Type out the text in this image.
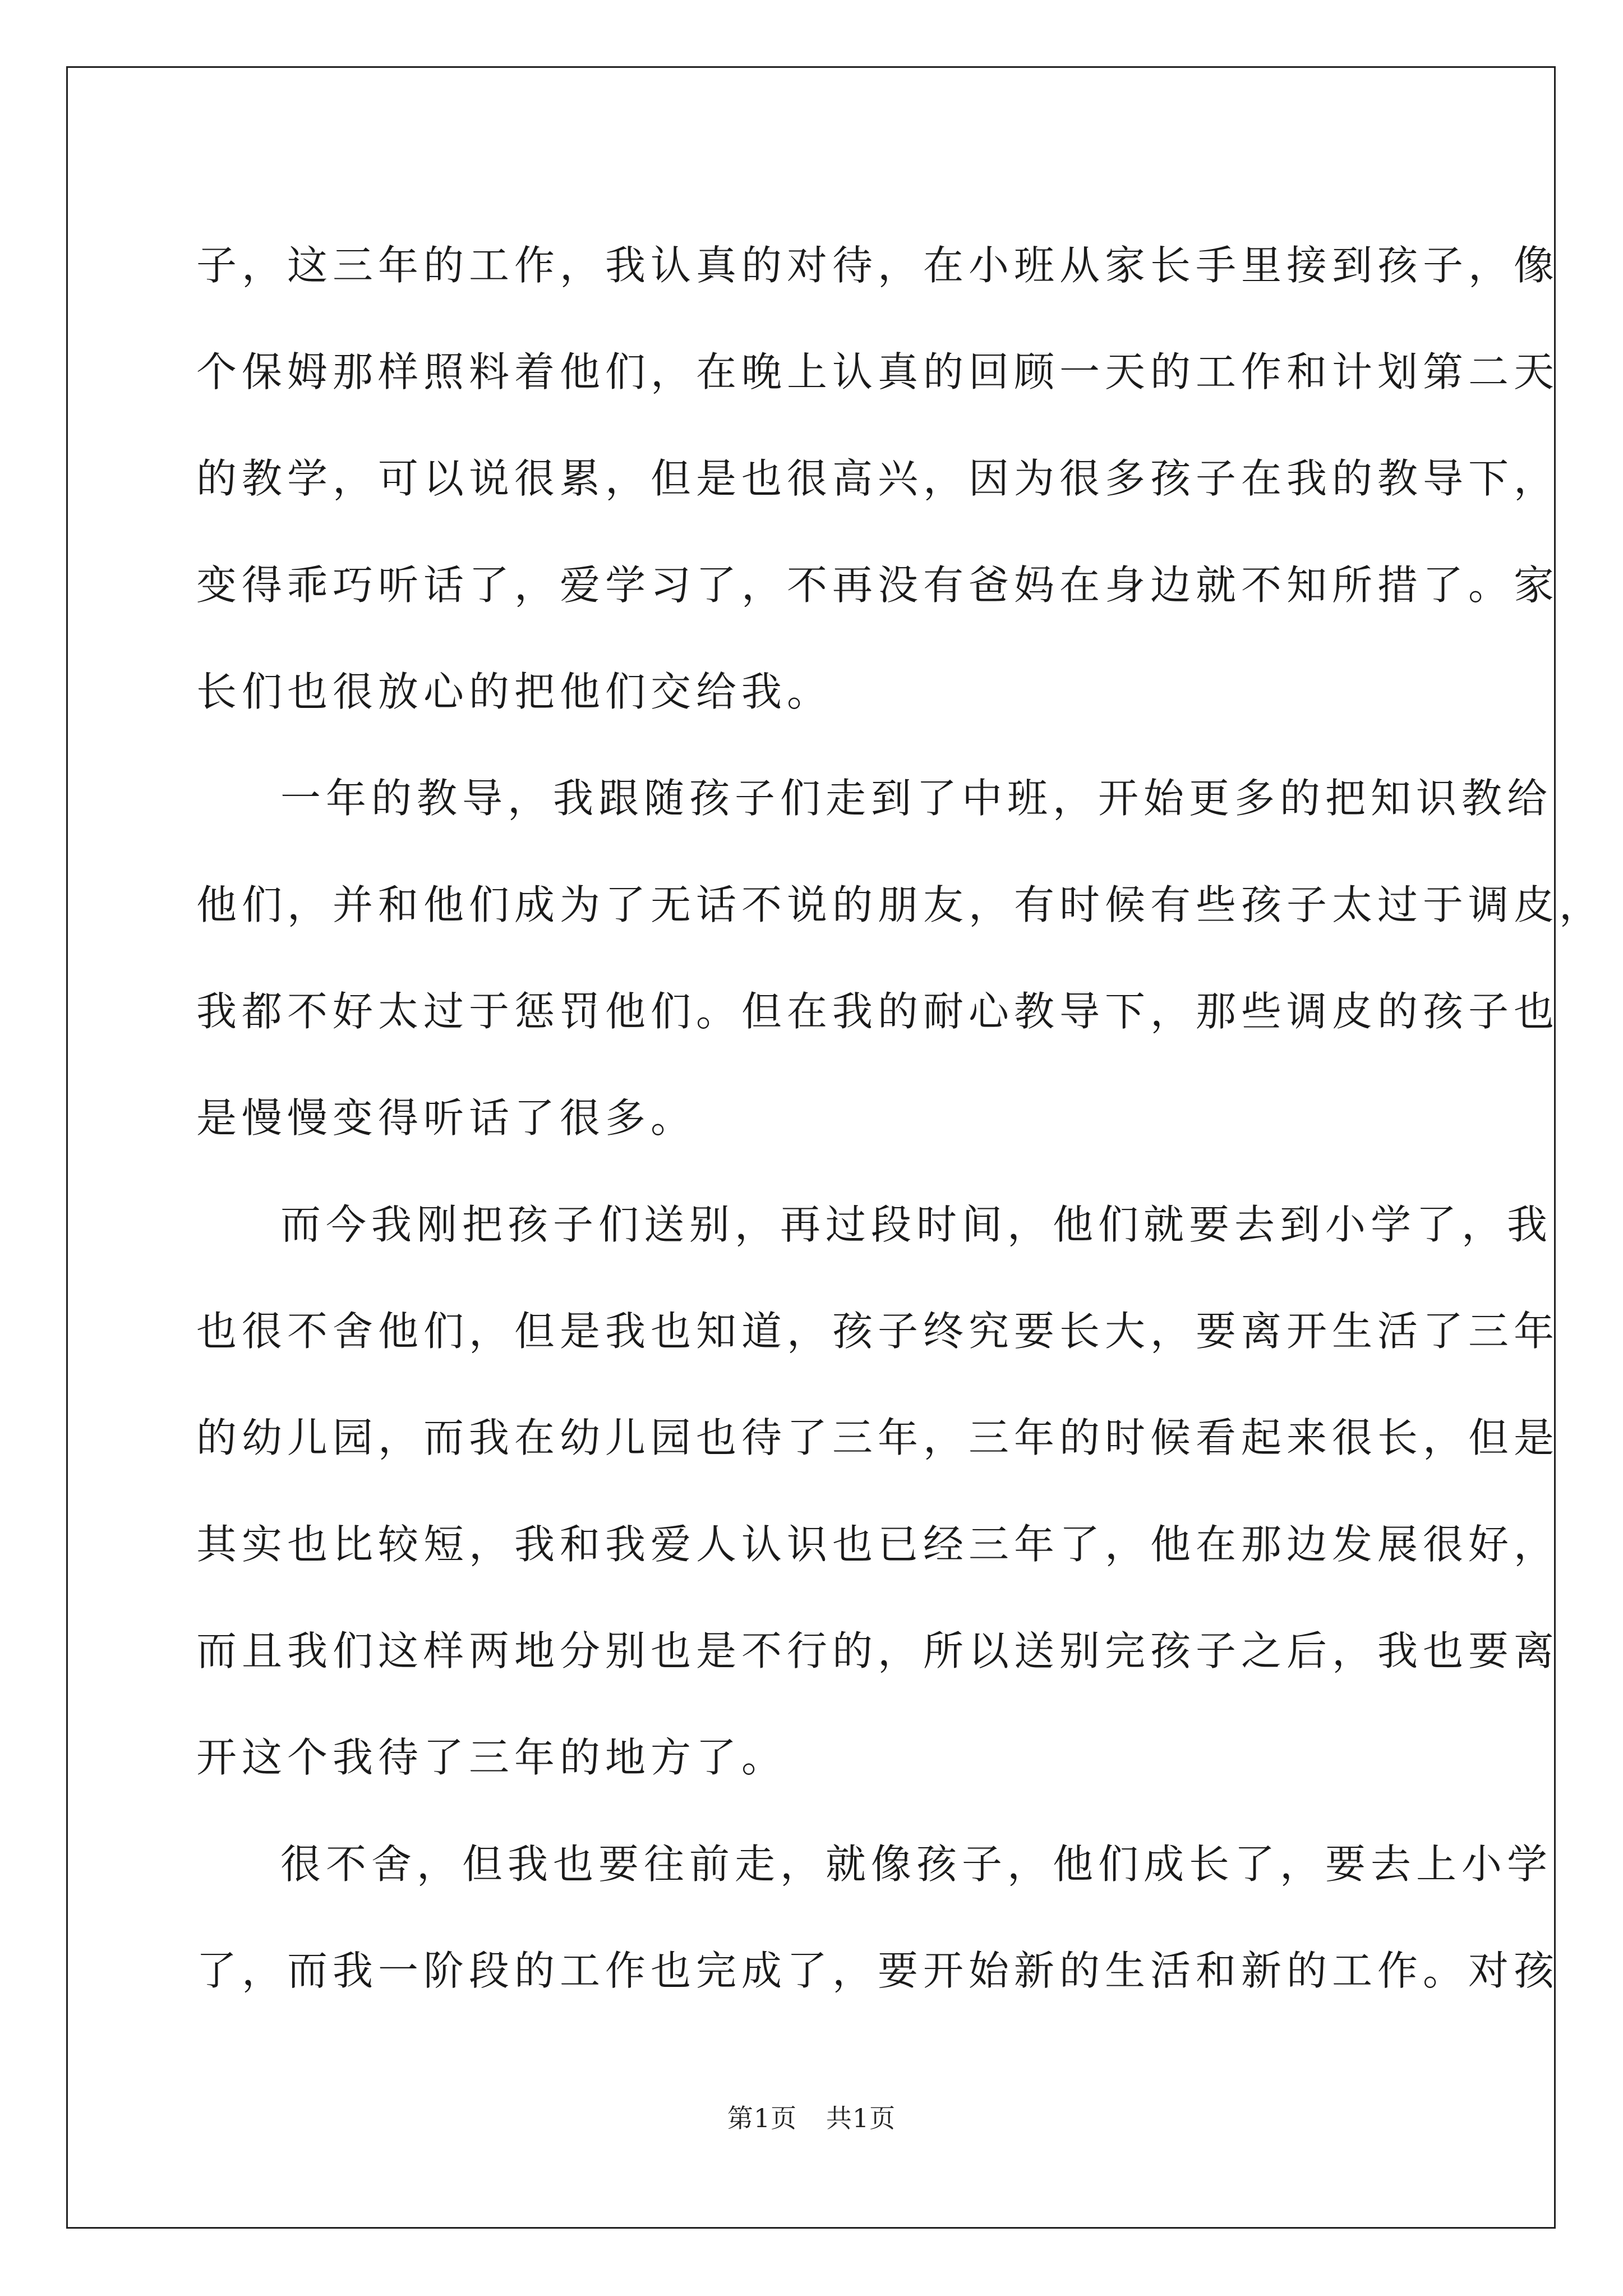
子，这三年的工作，我认真的对待，在小班从家长手里接到孩子，像
个保姆那样照料着他们，在晚上认真的回顾一天的工作和计划第二天
的教学，可以说很累，但是也很高兴，因为很多孩子在我的教导下，
变得乖巧听话了，爱学习了，不再没有爸妈在身边就不知所措了。家
长们也很放心的把他们交给我。

一年的教导，我跟随孩子们走到了中班，开始更多的把知识教给
他们，并和他们成为了无话不说的朋友，有时候有些孩子太过于调皮，
我都不好太过于惩罚他们。但在我的耐心教导下，那些调皮的孩子也
是慢慢变得听话了很多。

而今我刚把孩子们送别，再过段时间，他们就要去到小学了，我
也很不舍他们，但是我也知道，孩子终究要长大，要离开生活了三年
的幼儿园，而我在幼儿园也待了三年，三年的时候看起来很长，但是
其实也比较短，我和我爱人认识也已经三年了，他在那边发展很好，
而且我们这样两地分别也是不行的，所以送别完孩子之后，我也要离
开这个我待了三年的地方了。

很不舍，但我也要往前走，就像孩子，他们成长了，要去上小学
了，而我一阶段的工作也完成了，要开始新的生活和新的工作。对孩

第1页 共1页
